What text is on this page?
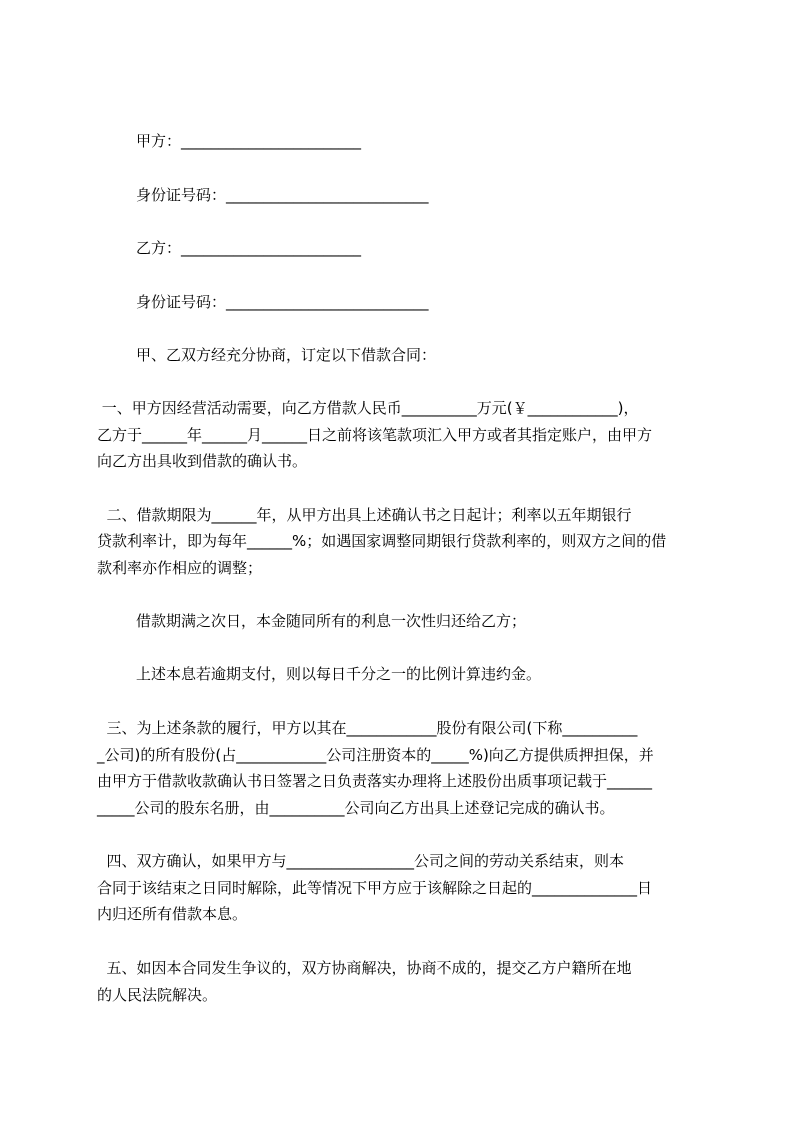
甲方：________________________
身份证号码：___________________________
乙方：________________________
身份证号码：___________________________
甲、乙双方经充分协商，订定以下借款合同：
一、甲方因经营活动需要，向乙方借款人民币__________万元(￥____________)，
乙方于______年______月______日之前将该笔款项汇入甲方或者其指定账户，由甲方
向乙方出具收到借款的确认书。
二、借款期限为______年，从甲方出具上述确认书之日起计；利率以五年期银行
贷款利率计，即为每年______%；如遇国家调整同期银行贷款利率的，则双方之间的借
款利率亦作相应的调整；
借款期满之次日，本金随同所有的利息一次性归还给乙方；
上述本息若逾期支付，则以每日千分之一的比例计算违约金。
三、为上述条款的履行，甲方以其在____________股份有限公司(下称__________
_公司)的所有股份(占____________公司注册资本的_____%)向乙方提供质押担保，并
由甲方于借款收款确认书日签署之日负责落实办理将上述股份出质事项记载于______
_____公司的股东名册，由__________公司向乙方出具上述登记完成的确认书。
四、双方确认，如果甲方与_________________公司之间的劳动关系结束，则本
合同于该结束之日同时解除，此等情况下甲方应于该解除之日起的______________日
内归还所有借款本息。
五、如因本合同发生争议的，双方协商解决，协商不成的，提交乙方户籍所在地
的人民法院解决。
